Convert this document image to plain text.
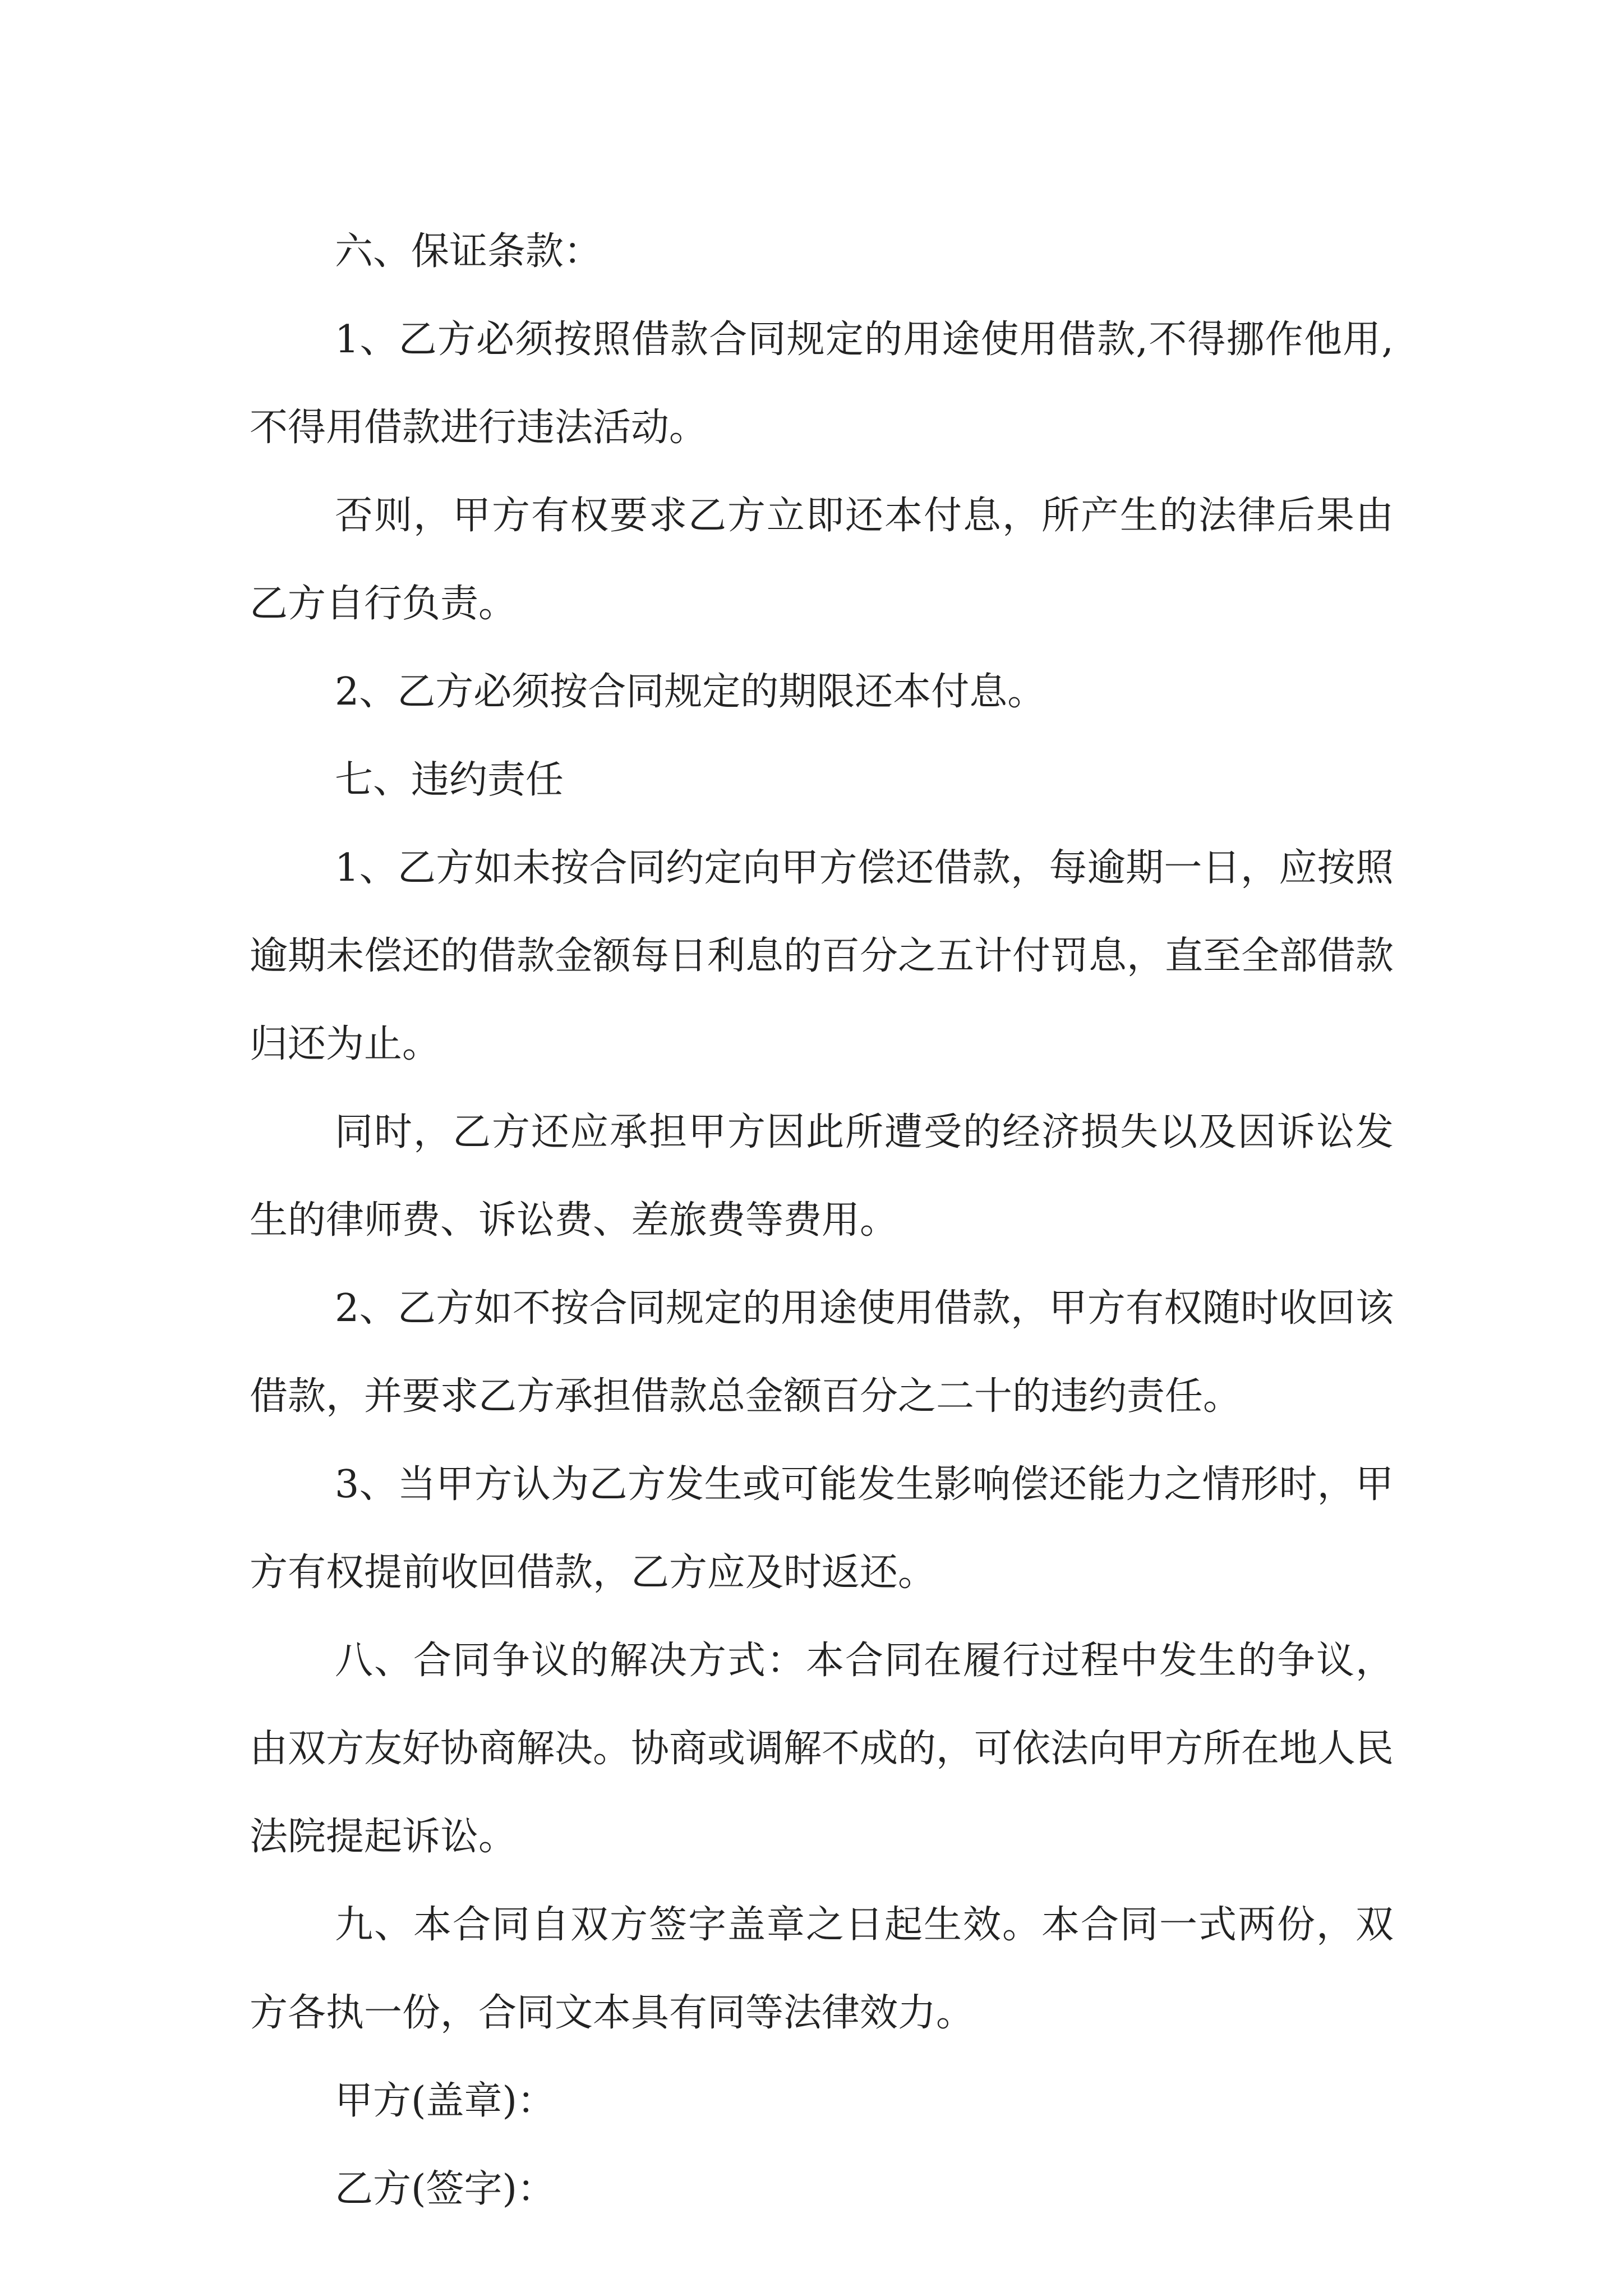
六、保证条款：

1、乙方必须按照借款合同规定的用途使用借款,不得挪作他用,不得用借款进行违法活动。

否则，甲方有权要求乙方立即还本付息，所产生的法律后果由乙方自行负责。

2、乙方必须按合同规定的期限还本付息。

七、违约责任

1、乙方如未按合同约定向甲方偿还借款，每逾期一日，应按照逾期未偿还的借款金额每日利息的百分之五计付罚息，直至全部借款归还为止。

同时，乙方还应承担甲方因此所遭受的经济损失以及因诉讼发生的律师费、诉讼费、差旅费等费用。

2、乙方如不按合同规定的用途使用借款，甲方有权随时收回该借款，并要求乙方承担借款总金额百分之二十的违约责任。

3、当甲方认为乙方发生或可能发生影响偿还能力之情形时，甲方有权提前收回借款，乙方应及时返还。

八、合同争议的解决方式：本合同在履行过程中发生的争议，由双方友好协商解决。协商或调解不成的，可依法向甲方所在地人民法院提起诉讼。

九、本合同自双方签字盖章之日起生效。本合同一式两份，双方各执一份，合同文本具有同等法律效力。

甲方(盖章)：

乙方(签字)：
